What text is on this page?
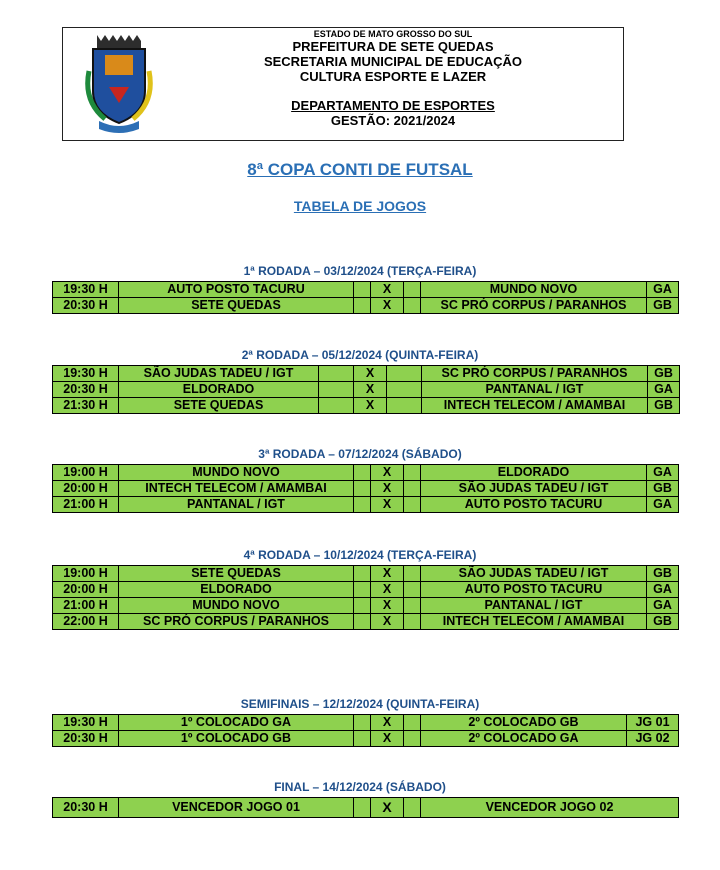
ESTADO DE MATO GROSSO DO SUL
PREFEITURA DE SETE QUEDAS
SECRETARIA MUNICIPAL DE EDUCAÇÃO
CULTURA ESPORTE E LAZER
DEPARTAMENTO DE ESPORTES
GESTÃO: 2021/2024
8ª COPA CONTI DE FUTSAL
TABELA DE JOGOS
1ª RODADA – 03/12/2024 (TERÇA-FEIRA)
19:30 H	AUTO POSTO TACURU		X		MUNDO NOVO	GA
20:30 H	SETE QUEDAS		X		SC PRÓ CORPUS / PARANHOS	GB
2ª RODADA – 05/12/2024 (QUINTA-FEIRA)
19:30 H	SÃO JUDAS TADEU / IGT		X		SC PRÓ CORPUS / PARANHOS	GB
20:30 H	ELDORADO		X		PANTANAL / IGT	GA
21:30 H	SETE QUEDAS		X		INTECH TELECOM / AMAMBAI	GB
3ª RODADA – 07/12/2024 (SÁBADO)
19:00 H	MUNDO NOVO		X		ELDORADO	GA
20:00 H	INTECH TELECOM / AMAMBAI		X		SÃO JUDAS TADEU / IGT	GB
21:00 H	PANTANAL / IGT		X		AUTO POSTO TACURU	GA
4ª RODADA – 10/12/2024 (TERÇA-FEIRA)
19:00 H	SETE QUEDAS		X		SÃO JUDAS TADEU / IGT	GB
20:00 H	ELDORADO		X		AUTO POSTO TACURU	GA
21:00 H	MUNDO NOVO		X		PANTANAL / IGT	GA
22:00 H	SC PRÓ CORPUS / PARANHOS		X		INTECH TELECOM / AMAMBAI	GB
SEMIFINAIS – 12/12/2024 (QUINTA-FEIRA)
19:30 H	1º COLOCADO GA		X		2º COLOCADO GB	JG 01
20:30 H	1º COLOCADO GB		X		2º COLOCADO GA	JG 02
FINAL – 14/12/2024 (SÁBADO)
20:30 H	VENCEDOR JOGO 01		X		VENCEDOR JOGO 02
